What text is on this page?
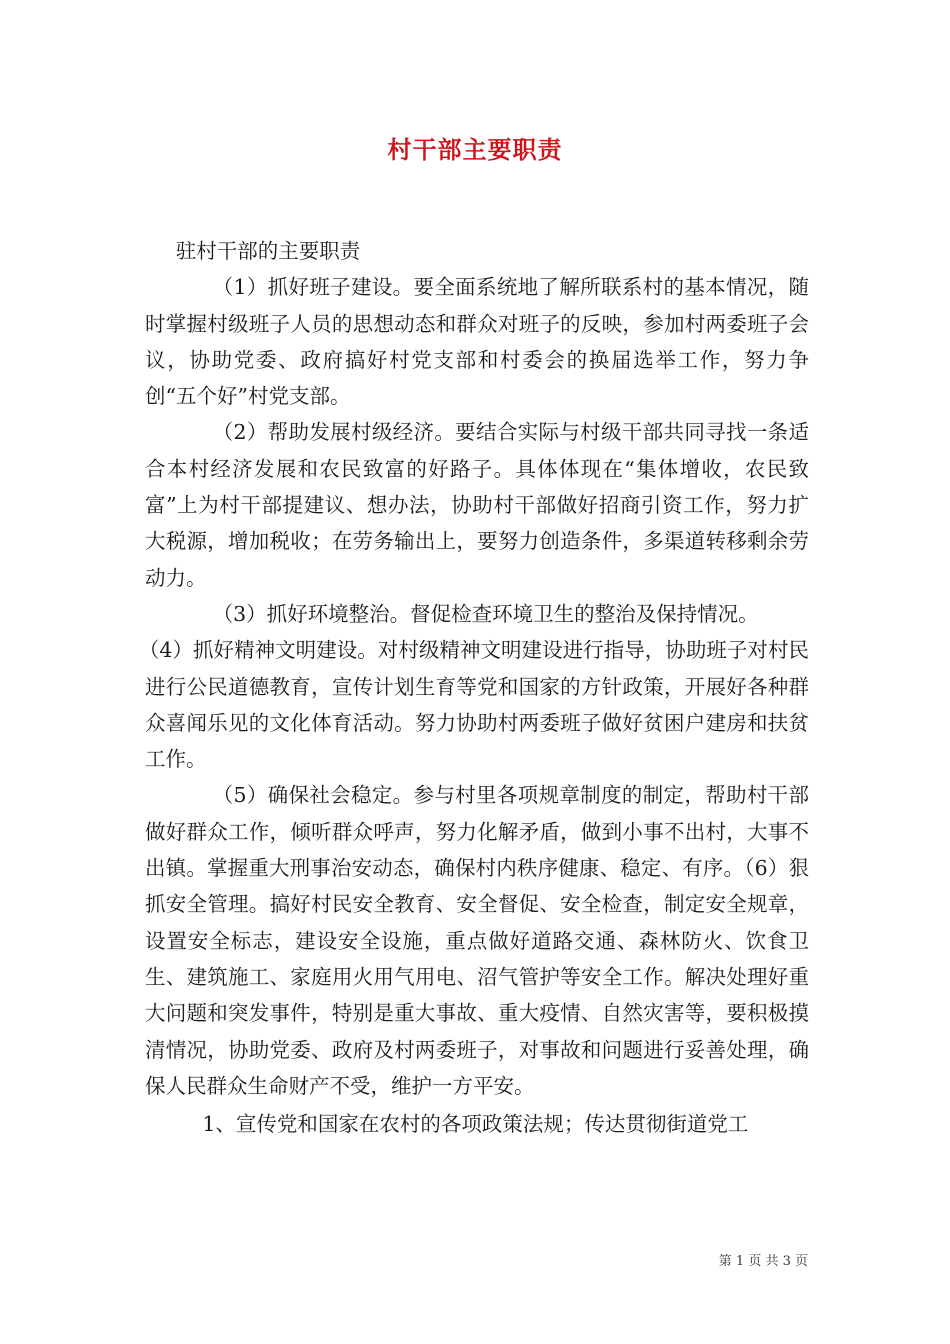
村干部主要职责

驻村干部的主要职责

（1）抓好班子建设。要全面系统地了解所联系村的基本情况，随时掌握村级班子人员的思想动态和群众对班子的反映，参加村两委班子会议，协助党委、政府搞好村党支部和村委会的换届选举工作，努力争创“五个好”村党支部。

（2）帮助发展村级经济。要结合实际与村级干部共同寻找一条适合本村经济发展和农民致富的好路子。具体体现在“集体增收，农民致富”上为村干部提建议、想办法，协助村干部做好招商引资工作，努力扩大税源，增加税收；在劳务输出上，要努力创造条件，多渠道转移剩余劳动力。

（3）抓好环境整治。督促检查环境卫生的整治及保持情况。

（4）抓好精神文明建设。对村级精神文明建设进行指导，协助班子对村民进行公民道德教育，宣传计划生育等党和国家的方针政策，开展好各种群众喜闻乐见的文化体育活动。努力协助村两委班子做好贫困户建房和扶贫工作。

（5）确保社会稳定。参与村里各项规章制度的制定，帮助村干部做好群众工作，倾听群众呼声，努力化解矛盾，做到小事不出村，大事不出镇。掌握重大刑事治安动态，确保村内秩序健康、稳定、有序。（6）狠抓安全管理。搞好村民安全教育、安全督促、安全检查，制定安全规章，设置安全标志，建设安全设施，重点做好道路交通、森林防火、饮食卫生、建筑施工、家庭用火用气用电、沼气管护等安全工作。解决处理好重大问题和突发事件，特别是重大事故、重大疫情、自然灾害等，要积极摸清情况，协助党委、政府及村两委班子，对事故和问题进行妥善处理，确保人民群众生命财产不受，维护一方平安。

1、宣传党和国家在农村的各项政策法规；传达贯彻街道党工

第 1 页 共 3 页
